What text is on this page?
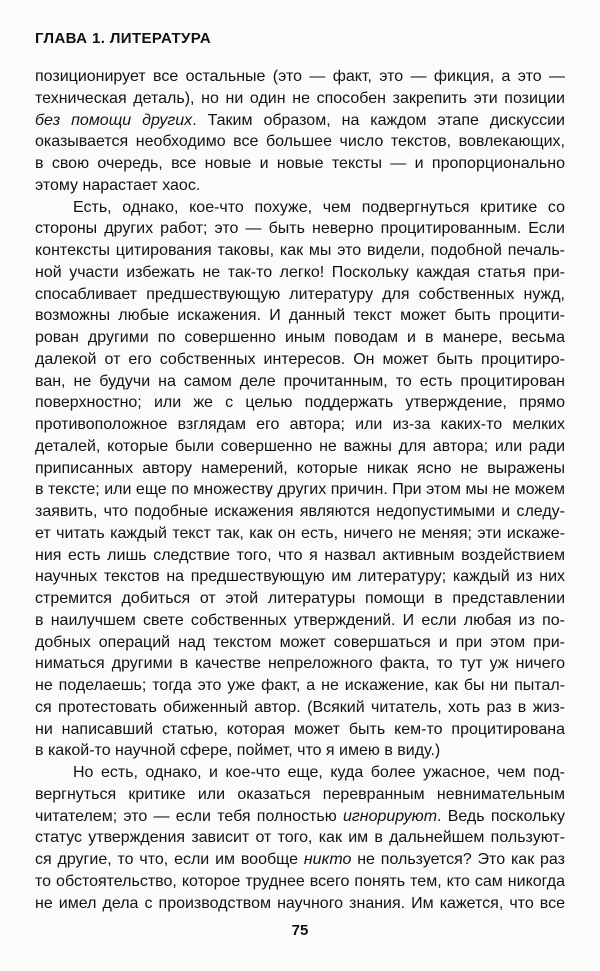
ГЛАВА 1. ЛИТЕРАТУРА
позиционирует все остальные (это — факт, это — фикция, а это —
техническая деталь), но ни один не способен закрепить эти позиции
без помощи других. Таким образом, на каждом этапе дискуссии
оказывается необходимо все большее число текстов, вовлекающих,
в свою очередь, все новые и новые тексты — и пропорционально
этому нарастает хаос.
Есть, однако, кое-что похуже, чем подвергнуться критике со
стороны других работ; это — быть неверно процитированным. Если
контексты цитирования таковы, как мы это видели, подобной печаль-
ной участи избежать не так-то легко! Поскольку каждая статья при-
спосабливает предшествующую литературу для собственных нужд,
возможны любые искажения. И данный текст может быть процити-
рован другими по совершенно иным поводам и в манере, весьма
далекой от его собственных интересов. Он может быть процитиро-
ван, не будучи на самом деле прочитанным, то есть процитирован
поверхностно; или же с целью поддержать утверждение, прямо
противоположное взглядам его автора; или из-за каких-то мелких
деталей, которые были совершенно не важны для автора; или ради
приписанных автору намерений, которые никак ясно не выражены
в тексте; или еще по множеству других причин. При этом мы не можем
заявить, что подобные искажения являются недопустимыми и следу-
ет читать каждый текст так, как он есть, ничего не меняя; эти искаже-
ния есть лишь следствие того, что я назвал активным воздействием
научных текстов на предшествующую им литературу; каждый из них
стремится добиться от этой литературы помощи в представлении
в наилучшем свете собственных утверждений. И если любая из по-
добных операций над текстом может совершаться и при этом при-
ниматься другими в качестве непреложного факта, то тут уж ничего
не поделаешь; тогда это уже факт, а не искажение, как бы ни пытал-
ся протестовать обиженный автор. (Всякий читатель, хоть раз в жиз-
ни написавший статью, которая может быть кем-то процитирована
в какой-то научной сфере, поймет, что я имею в виду.)
Но есть, однако, и кое-что еще, куда более ужасное, чем под-
вергнуться критике или оказаться перевранным невнимательным
читателем; это — если тебя полностью игнорируют. Ведь поскольку
статус утверждения зависит от того, как им в дальнейшем пользуют-
ся другие, то что, если им вообще никто не пользуется? Это как раз
то обстоятельство, которое труднее всего понять тем, кто сам никогда
не имел дела с производством научного знания. Им кажется, что все
75
